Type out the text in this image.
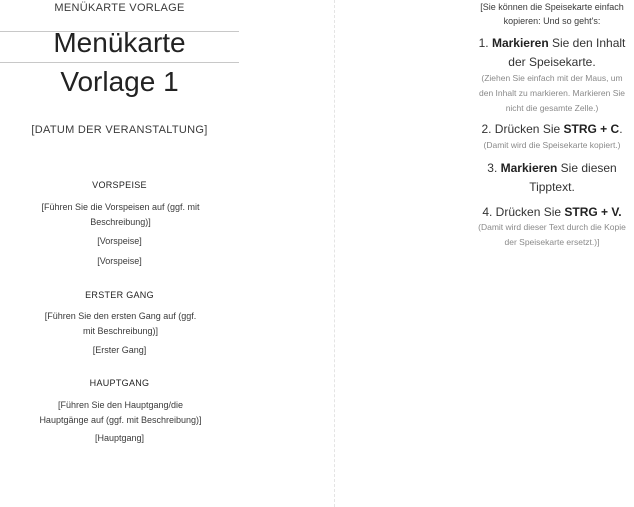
MENÜKARTE VORLAGE
Menükarte
Vorlage 1
[DATUM DER VERANSTALTUNG]
VORSPEISE
[Führen Sie die Vorspeisen auf (ggf. mit Beschreibung)]
[Vorspeise]
[Vorspeise]
ERSTER GANG
[Führen Sie den ersten Gang auf (ggf. mit Beschreibung)]
[Erster Gang]
HAUPTGANG
[Führen Sie den Hauptgang/die Hauptgänge auf (ggf. mit Beschreibung)]
[Hauptgang]
[Sie können die Speisekarte einfach
kopieren: Und so geht's:
1. Markieren Sie den Inhalt
der Speisekarte.
(Ziehen Sie einfach mit der Maus, um
den Inhalt zu markieren. Markieren Sie
nicht die gesamte Zelle.)
2. Drücken Sie STRG + C.
(Damit wird die Speisekarte kopiert.)
3. Markieren Sie diesen
Tipptext.
4. Drücken Sie STRG + V.
(Damit wird dieser Text durch die Kopie
der Speisekarte ersetzt.)]
